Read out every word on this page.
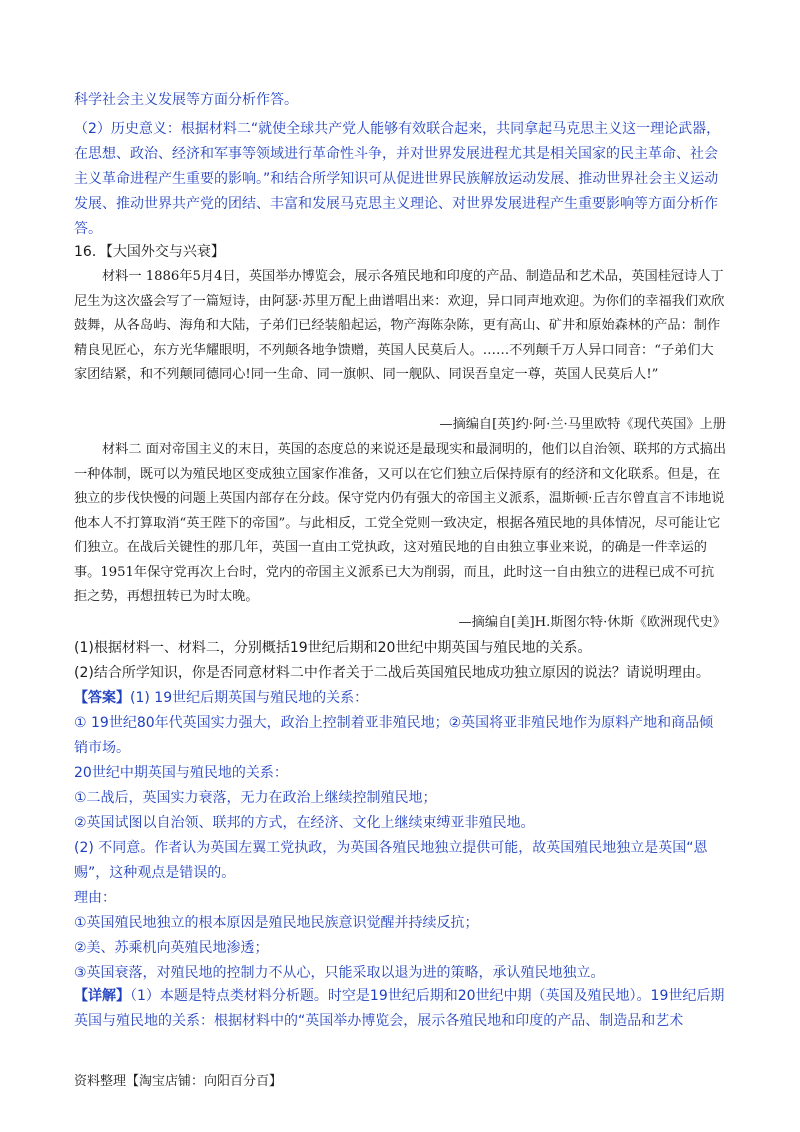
科学社会主义发展等方面分析作答。

（2）历史意义：根据材料二“就使全球共产党人能够有效联合起来，共同拿起马克思主义这一理论武器，在思想、政治、经济和军事等领域进行革命性斗争，并对世界发展进程尤其是相关国家的民主革命、社会主义革命进程产生重要的影响。”和结合所学知识可从促进世界民族解放运动发展、推动世界社会主义运动发展、推动世界共产党的团结、丰富和发展马克思主义理论、对世界发展进程产生重要影响等方面分析作答。

16．【大国外交与兴衰】

材料一 1886年5月4日，英国举办博览会，展示各殖民地和印度的产品、制造品和艺术品，英国桂冠诗人丁尼生为这次盛会写了一篇短诗，由阿瑟·苏里万配上曲谱唱出来：欢迎，异口同声地欢迎。为你们的幸福我们欢欣鼓舞，从各岛屿、海角和大陆，子弟们已经装船起运，物产海陈杂陈，更有高山、矿井和原始森林的产品：制作精良见匠心，东方光华耀眼明，不列颠各地争馈赠，英国人民莫后人。……不列颠千万人异口同音：“子弟们大家团结紧，和不列颠同德同心!同一生命、同一旗帜、同一舰队、同误吾皇定一尊，英国人民莫后人!”

—摘编自[英]约·阿·兰·马里欧特《现代英国》上册

材料二 面对帝国主义的末日，英国的态度总的来说还是最现实和最洞明的，他们以自治领、联邦的方式搞出一种体制，既可以为殖民地区变成独立国家作准备，又可以在它们独立后保持原有的经济和文化联系。但是，在独立的步伐快慢的问题上英国内部存在分歧。保守党内仍有强大的帝国主义派系，温斯顿·丘吉尔曾直言不讳地说他本人不打算取消“英王陛下的帝国”。与此相反，工党全党则一致决定，根据各殖民地的具体情况，尽可能让它们独立。在战后关键性的那几年，英国一直由工党执政，这对殖民地的自由独立事业来说，的确是一件幸运的事。1951年保守党再次上台时，党内的帝国主义派系已大为削弱，而且，此时这一自由独立的进程已成不可抗拒之势，再想扭转已为时太晚。

—摘编自[美]H.斯图尔特·休斯《欧洲现代史》

(1)根据材料一、材料二，分别概括19世纪后期和20世纪中期英国与殖民地的关系。

(2)结合所学知识，你是否同意材料二中作者关于二战后英国殖民地成功独立原因的说法？请说明理由。

【答案】(1) 19世纪后期英国与殖民地的关系：
① 19世纪80年代英国实力强大，政治上控制着亚非殖民地；②英国将亚非殖民地作为原料产地和商品倾销市场。
20世纪中期英国与殖民地的关系：
①二战后，英国实力衰落，无力在政治上继续控制殖民地；
②英国试图以自治领、联邦的方式，在经济、文化上继续束缚亚非殖民地。
(2) 不同意。作者认为英国左翼工党执政，为英国各殖民地独立提供可能，故英国殖民地独立是英国“恩赐”，这种观点是错误的。
理由：
①英国殖民地独立的根本原因是殖民地民族意识觉醒并持续反抗；
②美、苏乘机向英殖民地渗透；
③英国衰落，对殖民地的控制力不从心，只能采取以退为进的策略，承认殖民地独立。

【详解】（1）本题是特点类材料分析题。时空是19世纪后期和20世纪中期（英国及殖民地）。19世纪后期英国与殖民地的关系：根据材料中的“英国举办博览会，展示各殖民地和印度的产品、制造品和艺术

资料整理【淘宝店铺：向阳百分百】
